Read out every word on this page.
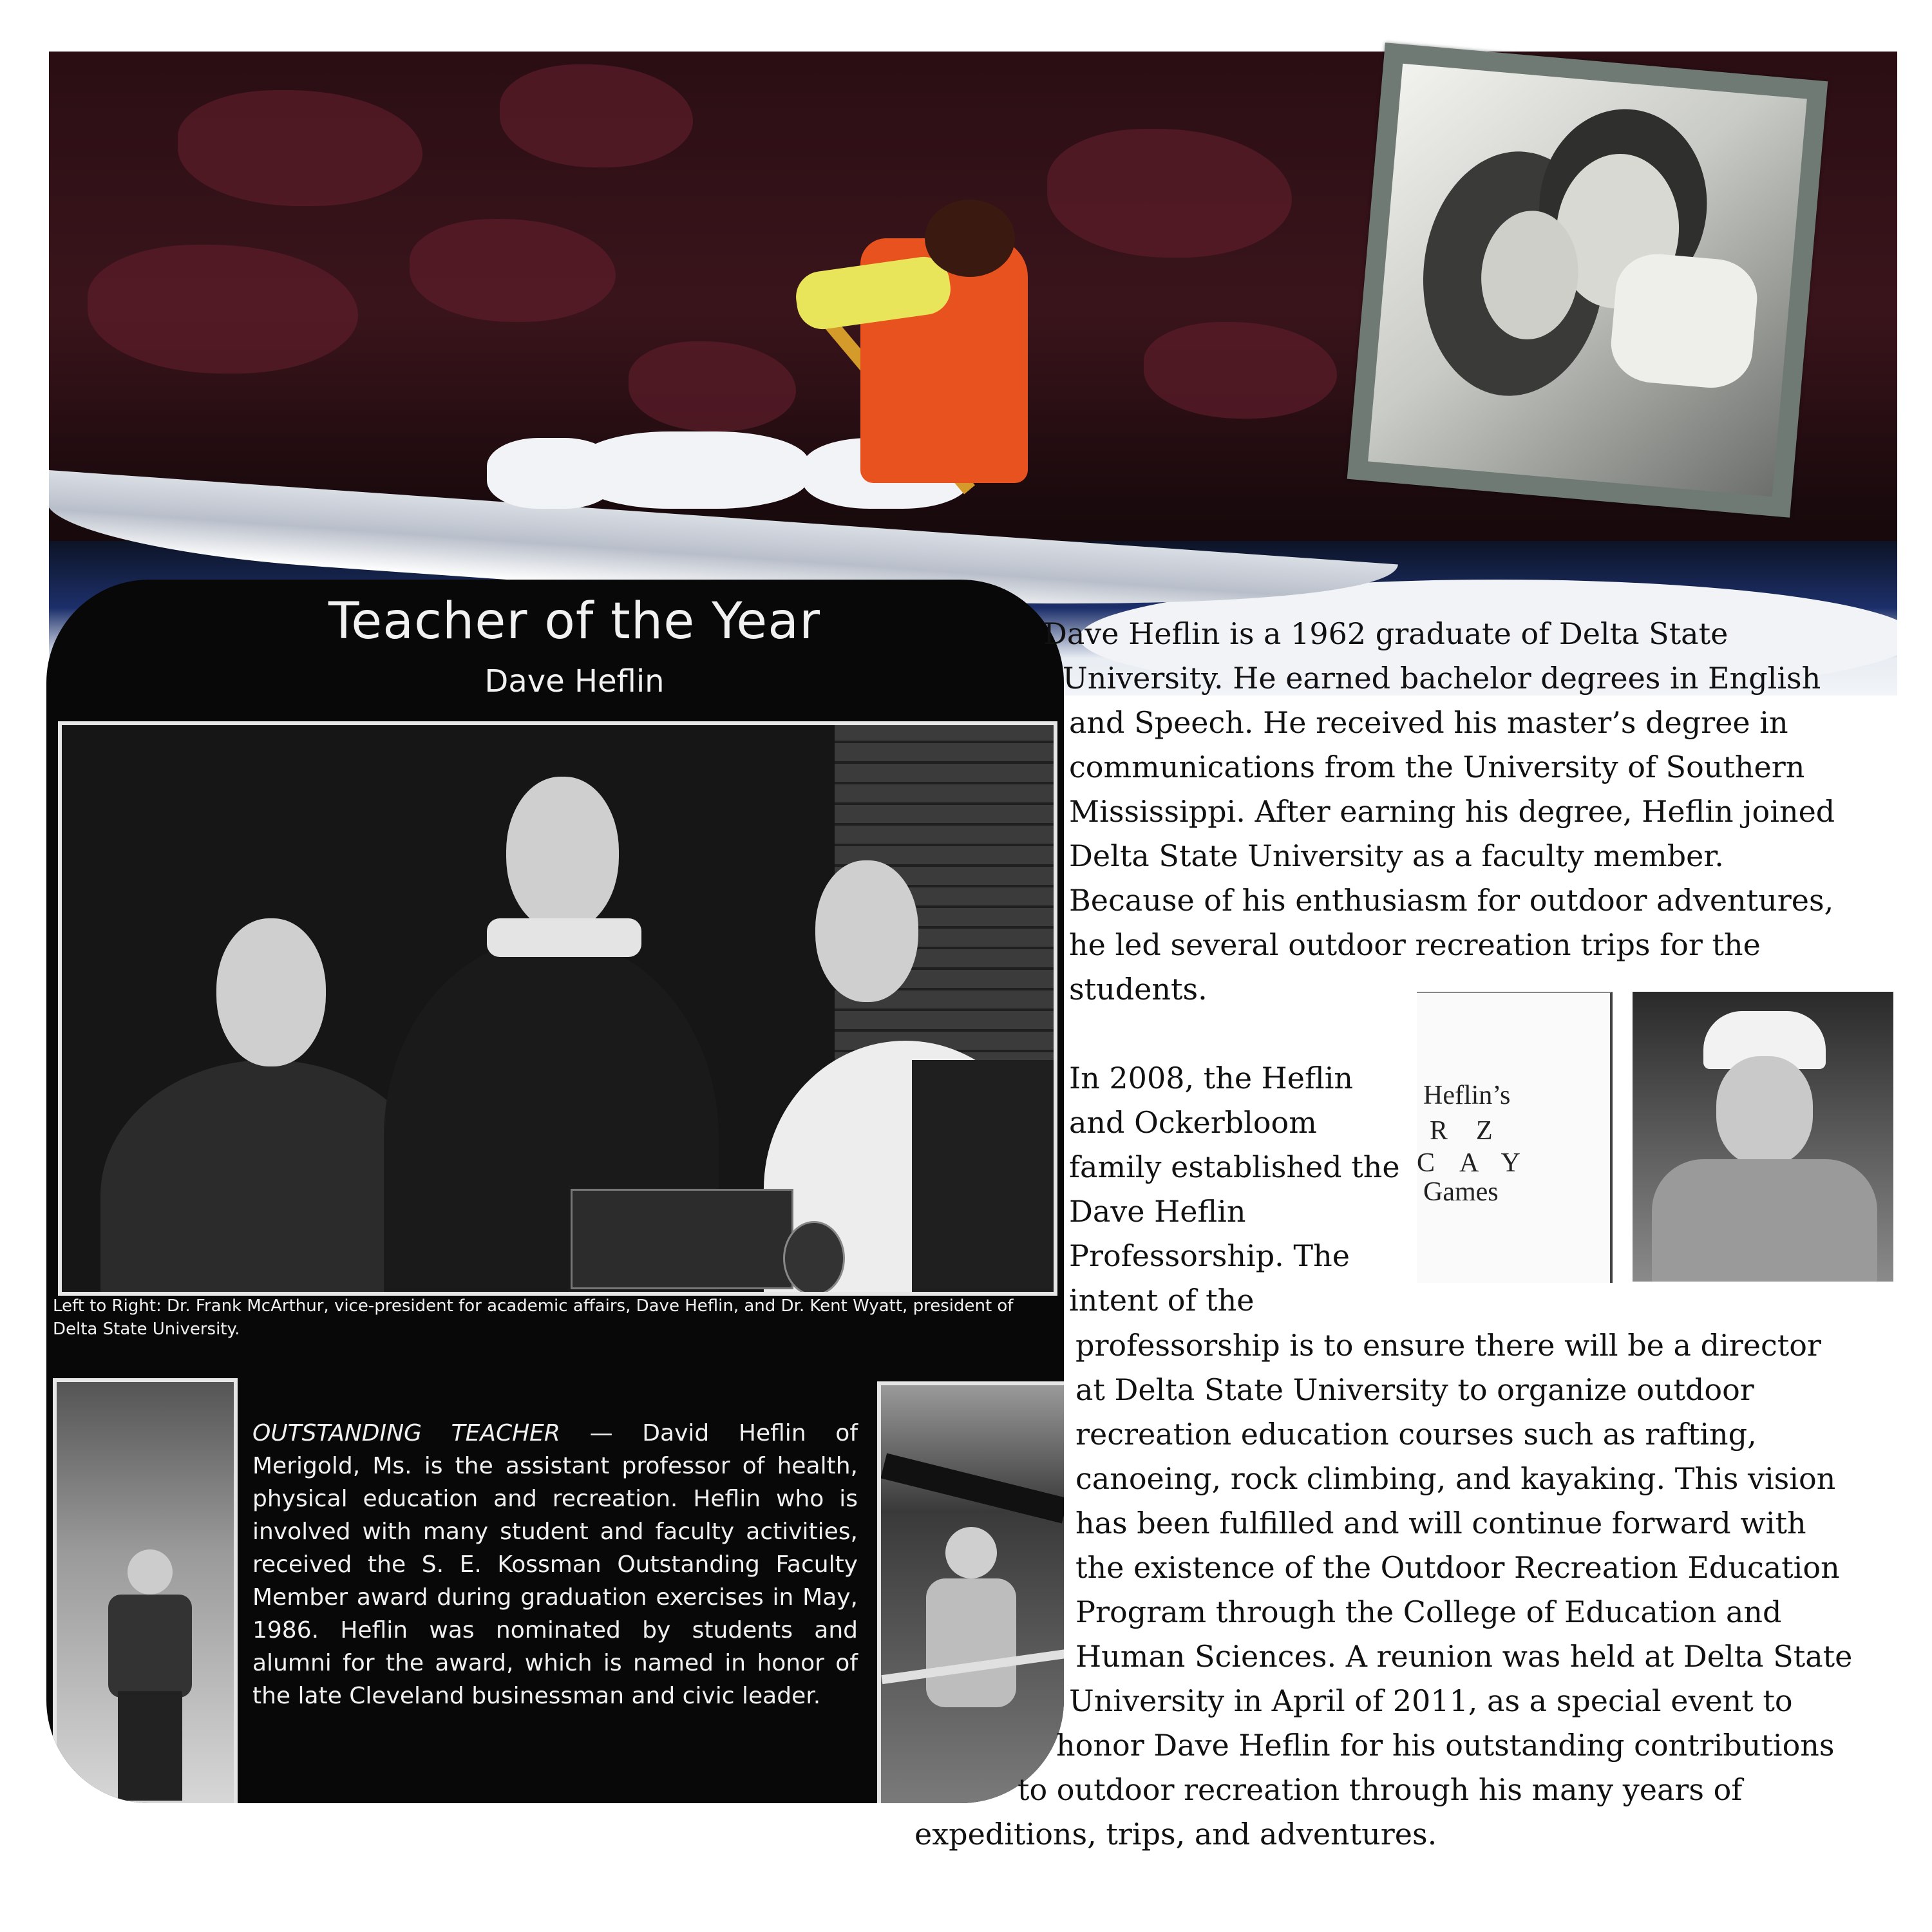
Teacher of the Year
Dave Heflin
Left to Right: Dr. Frank McArthur, vice-president for academic affairs, Dave Heflin, and Dr. Kent Wyatt, president of Delta State University.
OUTSTANDING TEACHER — David Heflin of Merigold, Ms. is the assistant professor of health, physical education and recreation. Heflin who is involved with many student and faculty activities, received the S. E. Kossman Outstanding Faculty Member award during graduation exercises in May, 1986. Heflin was nominated by students and alumni for the award, which is named in honor of the late Cleveland businessman and civic leader.
Dave Heflin is a 1962 graduate of Delta State
University. He earned bachelor degrees in English
and Speech. He received his master’s degree in
communications from the University of Southern
Mississippi. After earning his degree, Heflin joined
Delta State University as a faculty member.
Because of his enthusiasm for outdoor adventures,
he led several outdoor recreation trips for the
students.
In 2008, the Heflin
and Ockerbloom
family established the
Dave Heflin
Professorship. The
intent of the
Heflin’s
RZ
CAY
Games
professorship is to ensure there will be a director
at Delta State University to organize outdoor
recreation education courses such as rafting,
canoeing, rock climbing, and kayaking. This vision
has been fulfilled and will continue forward with
the existence of the Outdoor Recreation Education
Program through the College of Education and
Human Sciences. A reunion was held at Delta State
University in April of 2011, as a special event to
honor Dave Heflin for his outstanding contributions
to outdoor recreation through his many years of
expeditions, trips, and adventures.
